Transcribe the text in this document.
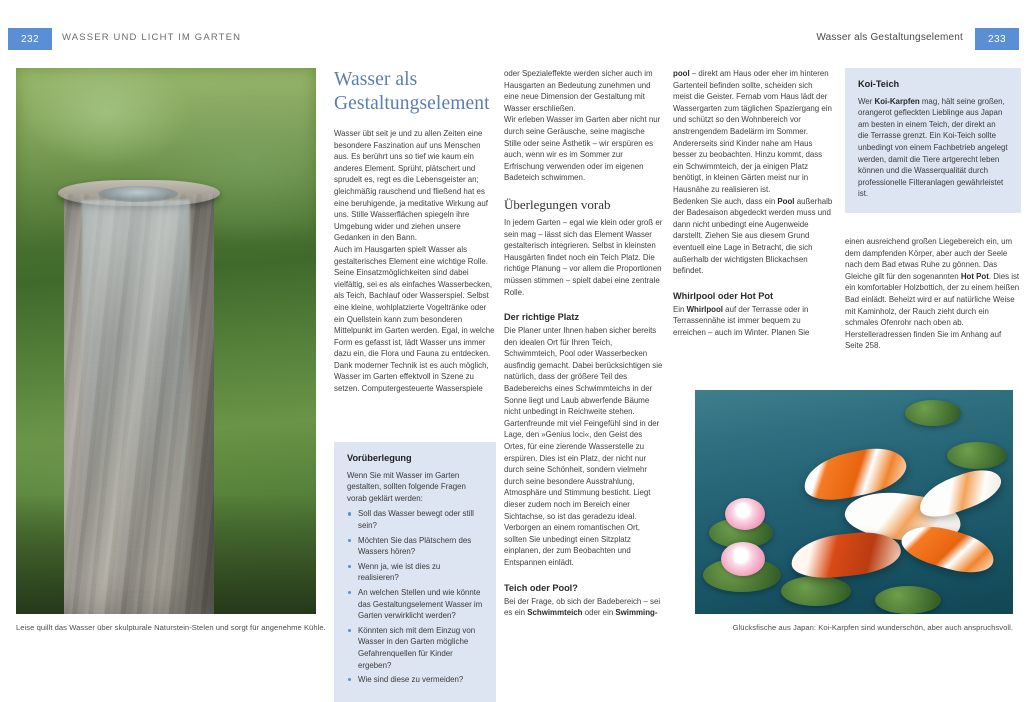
232	WASSER UND LICHT IM GARTEN	233
Wasser als Gestaltungselement
Leise quillt das Wasser über skulpturale Naturstein-Stelen und sorgt für angenehme Kühle.	Glücksfische aus Japan: Koi-Karpfen sind wunderschön, aber auch anspruchsvoll.
Wasser als Gestaltungselement

Wasser übt seit je und zu allen Zeiten eine besondere Faszination auf uns Menschen aus. Es berührt uns so tief wie kaum ein anderes Element. Sprüht, plätschert und sprudelt es, regt es die Lebensgeister an; gleichmäßig rauschend und fließend hat es eine beruhigende, ja meditative Wirkung auf uns. Stille Wasserflächen spiegeln ihre Umgebung wider und ziehen unsere Gedanken in den Bann.

Auch im Hausgarten spielt Wasser als gestalterisches Element eine wichtige Rolle. Seine Einsatzmöglichkeiten sind dabei vielfältig, sei es als einfaches Wasserbecken, als Teich, Bachlauf oder Wasserspiel. Selbst eine kleine, wohlplatzierte Vogeltränke oder ein Quellstein kann zum besonderen Mittelpunkt im Garten werden. Egal, in welche Form es gefasst ist, lädt Wasser uns immer dazu ein, die Flora und Fauna zu entdecken. Dank moderner Technik ist es auch möglich, Wasser im Garten effektvoll in Szene zu setzen. Computergesteuerte Wasserspiele

Vorüberlegung

Wenn Sie mit Wasser im Garten gestalten, sollten folgende Fragen vorab geklärt werden:

Soll das Wasser bewegt oder still sein?
Möchten Sie das Plätschern des Wassers hören?
Wenn ja, wie ist dies zu realisieren?
An welchen Stellen und wie könnte das Gestaltungselement Wasser im Garten verwirklicht werden?
Könnten sich mit dem Einzug von Wasser in den Garten mögliche Gefahrenquellen für Kinder ergeben?
Wie sind diese zu vermeiden?

oder Spezialeffekte werden sicher auch im Hausgarten an Bedeutung zunehmen und eine neue Dimension der Gestaltung mit Wasser erschließen.

Wir erleben Wasser im Garten aber nicht nur durch seine Geräusche, seine magische Stille oder seine Ästhetik – wir erspüren es auch, wenn wir es im Sommer zur Erfrischung verwenden oder im eigenen Badeteich schwimmen.

Überlegungen vorab

In jedem Garten – egal wie klein oder groß er sein mag – lässt sich das Element Wasser gestalterisch integrieren. Selbst in kleinsten Hausgärten findet noch ein Teich Platz. Die richtige Planung – vor allem die Proportionen müssen stimmen – spielt dabei eine zentrale Rolle.

Der richtige Platz

Die Planer unter Ihnen haben sicher bereits den idealen Ort für Ihren Teich, Schwimmteich, Pool oder Wasserbecken ausfindig gemacht. Dabei berücksichtigen sie natürlich, dass der größere Teil des Badebereichs eines Schwimmteichs in der Sonne liegt und Laub abwerfende Bäume nicht unbedingt in Reichweite stehen.

Gartenfreunde mit viel Feingefühl sind in der Lage, den »Genius loci«, den Geist des Ortes, für eine zierende Wasserstelle zu erspüren. Dies ist ein Platz, der nicht nur durch seine Schönheit, sondern vielmehr durch seine besondere Ausstrahlung, Atmosphäre und Stimmung besticht. Liegt dieser zudem noch im Bereich einer Sichtachse, so ist das geradezu ideal. Verborgen an einem romantischen Ort, sollten Sie unbedingt einen Sitzplatz einplanen, der zum Beobachten und Entspannen einlädt.

Teich oder Pool?

Bei der Frage, ob sich der Badebereich – sei es ein Schwimmteich oder ein Swimming-

pool – direkt am Haus oder eher im hinteren Gartenteil befinden sollte, scheiden sich meist die Geister. Fernab vom Haus lädt der Wassergarten zum täglichen Spaziergang ein und schützt so den Wohnbereich vor anstrengendem Badelärm im Sommer. Andererseits sind Kinder nahe am Haus besser zu beobachten. Hinzu kommt, dass ein Schwimmteich, der ja einigen Platz benötigt, in kleinen Gärten meist nur in Hausnähe zu realisieren ist.

Bedenken Sie auch, dass ein Pool außerhalb der Badesaison abgedeckt werden muss und dann nicht unbedingt eine Augenweide darstellt. Ziehen Sie aus diesem Grund eventuell eine Lage in Betracht, die sich außerhalb der wichtigsten Blickachsen befindet.

Whirlpool oder Hot Pot

Ein Whirlpool auf der Terrasse oder in Terrassennähe ist immer bequem zu erreichen – auch im Winter. Planen Sie

Koi-Teich

Wer Koi-Karpfen mag, hält seine großen, orangerot gefleckten Lieblinge aus Japan am besten in einem Teich, der direkt an die Terrasse grenzt. Ein Koi-Teich sollte unbedingt von einem Fachbetrieb angelegt werden, damit die Tiere artgerecht leben können und die Wasserqualität durch professionelle Filteranlagen gewährleistet ist.

einen ausreichend großen Liegebereich ein, um dem dampfenden Körper, aber auch der Seele nach dem Bad etwas Ruhe zu gönnen. Das Gleiche gilt für den sogenannten Hot Pot. Dies ist ein komfortabler Holzbottich, der zu einem heißen Bad einlädt. Beheizt wird er auf natürliche Weise mit Kaminholz, der Rauch zieht durch ein schmales Ofenrohr nach oben ab. Herstelleradressen finden Sie im Anhang auf Seite 258.
